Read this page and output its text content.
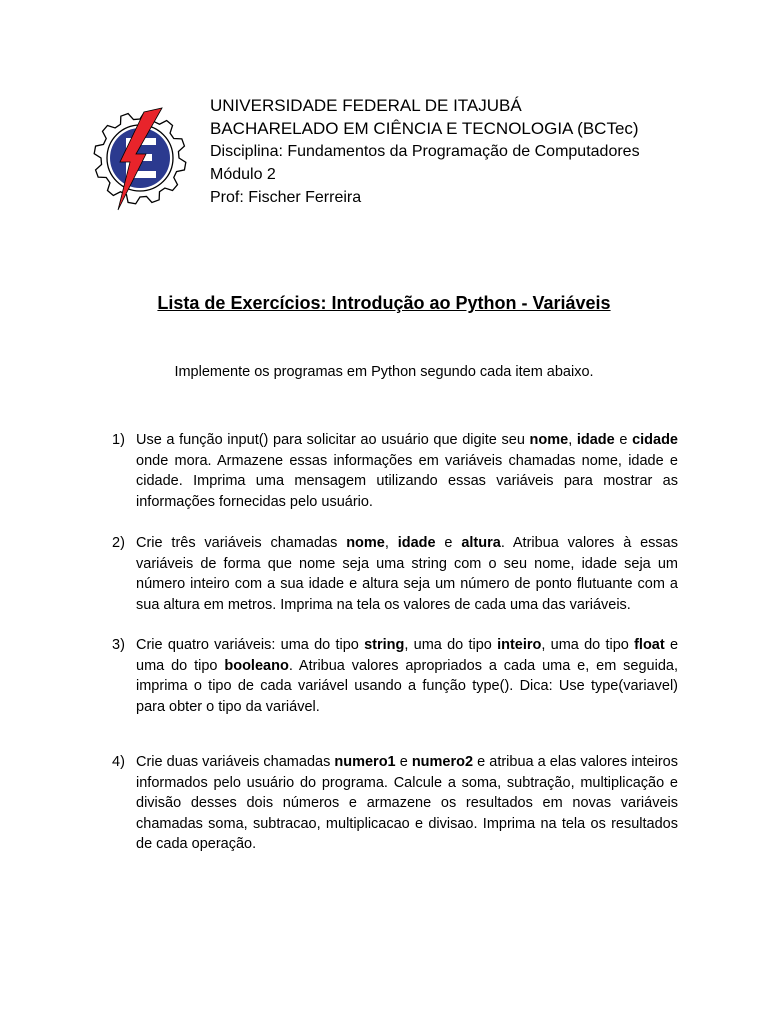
UNIVERSIDADE FEDERAL DE ITAJUBÁ
BACHARELADO EM CIÊNCIA E TECNOLOGIA (BCTec)
Disciplina: Fundamentos da Programação de Computadores
Módulo 2
Prof: Fischer Ferreira
Lista de Exercícios: Introdução ao Python - Variáveis
Implemente os programas em Python segundo cada item abaixo.
1) Use a função input() para solicitar ao usuário que digite seu nome, idade e cidade onde mora. Armazene essas informações em variáveis chamadas nome, idade e cidade. Imprima uma mensagem utilizando essas variáveis para mostrar as informações fornecidas pelo usuário.
2) Crie três variáveis chamadas nome, idade e altura. Atribua valores à essas variáveis de forma que nome seja uma string com o seu nome, idade seja um número inteiro com a sua idade e altura seja um número de ponto flutuante com a sua altura em metros. Imprima na tela os valores de cada uma das variáveis.
3) Crie quatro variáveis: uma do tipo string, uma do tipo inteiro, uma do tipo float e uma do tipo booleano. Atribua valores apropriados a cada uma e, em seguida, imprima o tipo de cada variável usando a função type(). Dica: Use type(variavel) para obter o tipo da variável.
4) Crie duas variáveis chamadas numero1 e numero2 e atribua a elas valores inteiros informados pelo usuário do programa. Calcule a soma, subtração, multiplicação e divisão desses dois números e armazene os resultados em novas variáveis chamadas soma, subtracao, multiplicacao e divisao. Imprima na tela os resultados de cada operação.
